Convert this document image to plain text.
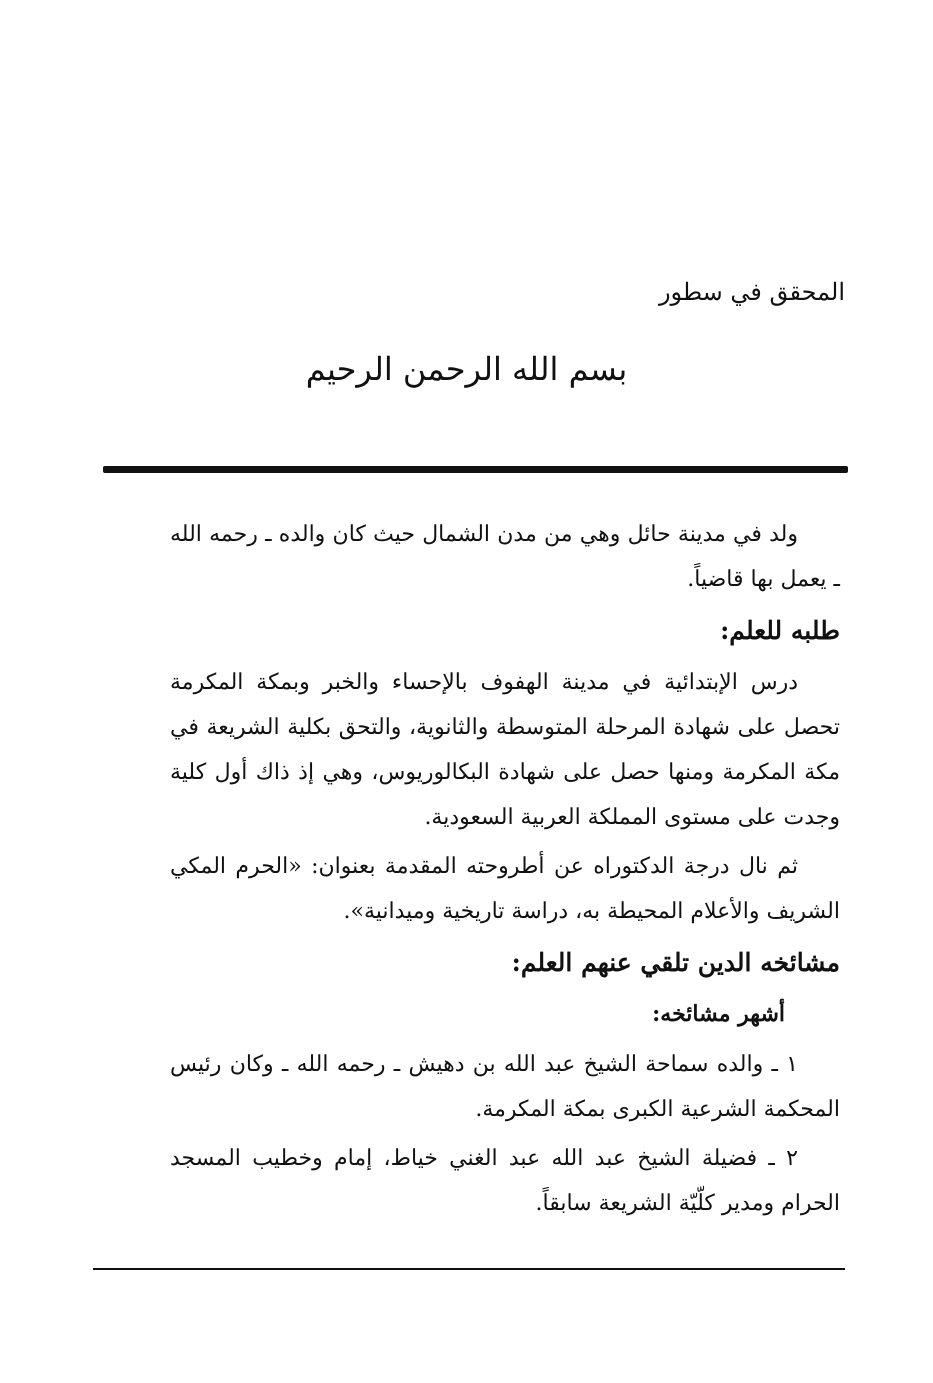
المحقق في سطور
بسم الله الرحمن الرحيم

ولد في مدينة حائل وهي من مدن الشمال حيث كان والده ـ رحمه الله ـ يعمل بها قاضياً.

طلبه للعلم:

درس الإبتدائية في مدينة الهفوف بالإحساء والخبر وبمكة المكرمة تحصل على شهادة المرحلة المتوسطة والثانوية، والتحق بكلية الشريعة في مكة المكرمة ومنها حصل على شهادة البكالوريوس، وهي إذ ذاك أول كلية وجدت على مستوى المملكة العربية السعودية.

ثم نال درجة الدكتوراه عن أطروحته المقدمة بعنوان: «الحرم المكي الشريف والأعلام المحيطة به، دراسة تاريخية وميدانية».

مشائخه الدين تلقي عنهم العلم:
أشهر مشائخه:

١ ـ والده سماحة الشيخ عبد الله بن دهيش ـ رحمه الله ـ وكان رئيس المحكمة الشرعية الكبرى بمكة المكرمة.

٢ ـ فضيلة الشيخ عبد الله عبد الغني خياط، إمام وخطيب المسجد الحرام ومدير كلّيّة الشريعة سابقاً.
